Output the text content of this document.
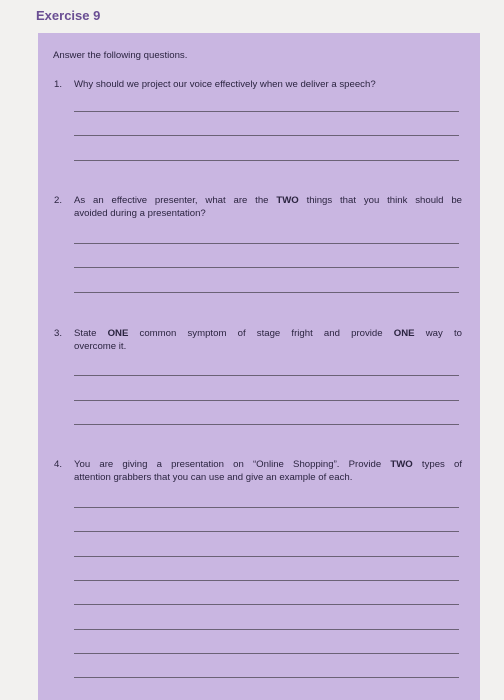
Exercise 9
Answer the following questions.
1. Why should we project our voice effectively when we deliver a speech?
2. As an effective presenter, what are the TWO things that you think should be
avoided during a presentation?
3. State ONE common symptom of stage fright and provide ONE way to
overcome it.
4. You are giving a presentation on “Online Shopping”. Provide TWO types of
attention grabbers that you can use and give an example of each.
